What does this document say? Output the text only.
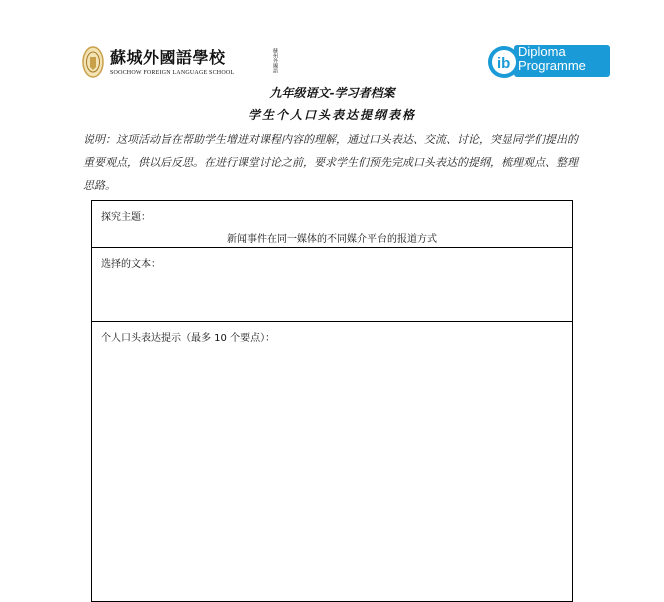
蘇城外國語學校
SOOCHOW FOREIGN LANGUAGE SCHOOL	蘇州外國語	ib
Diploma
Programme
九年级语文-学习者档案
学生个人口头表达提纲表格
说明：这项活动旨在帮助学生增进对课程内容的理解，通过口头表达、交流、讨论，突显同学们提出的重要观点，供以后反思。在进行课堂讨论之前，要求学生们预先完成口头表达的提纲，梳理观点、整理思路。
探究主题：
新闻事件在同一媒体的不同媒介平台的报道方式
选择的文本：
个人口头表达提示（最多 10 个要点）：
